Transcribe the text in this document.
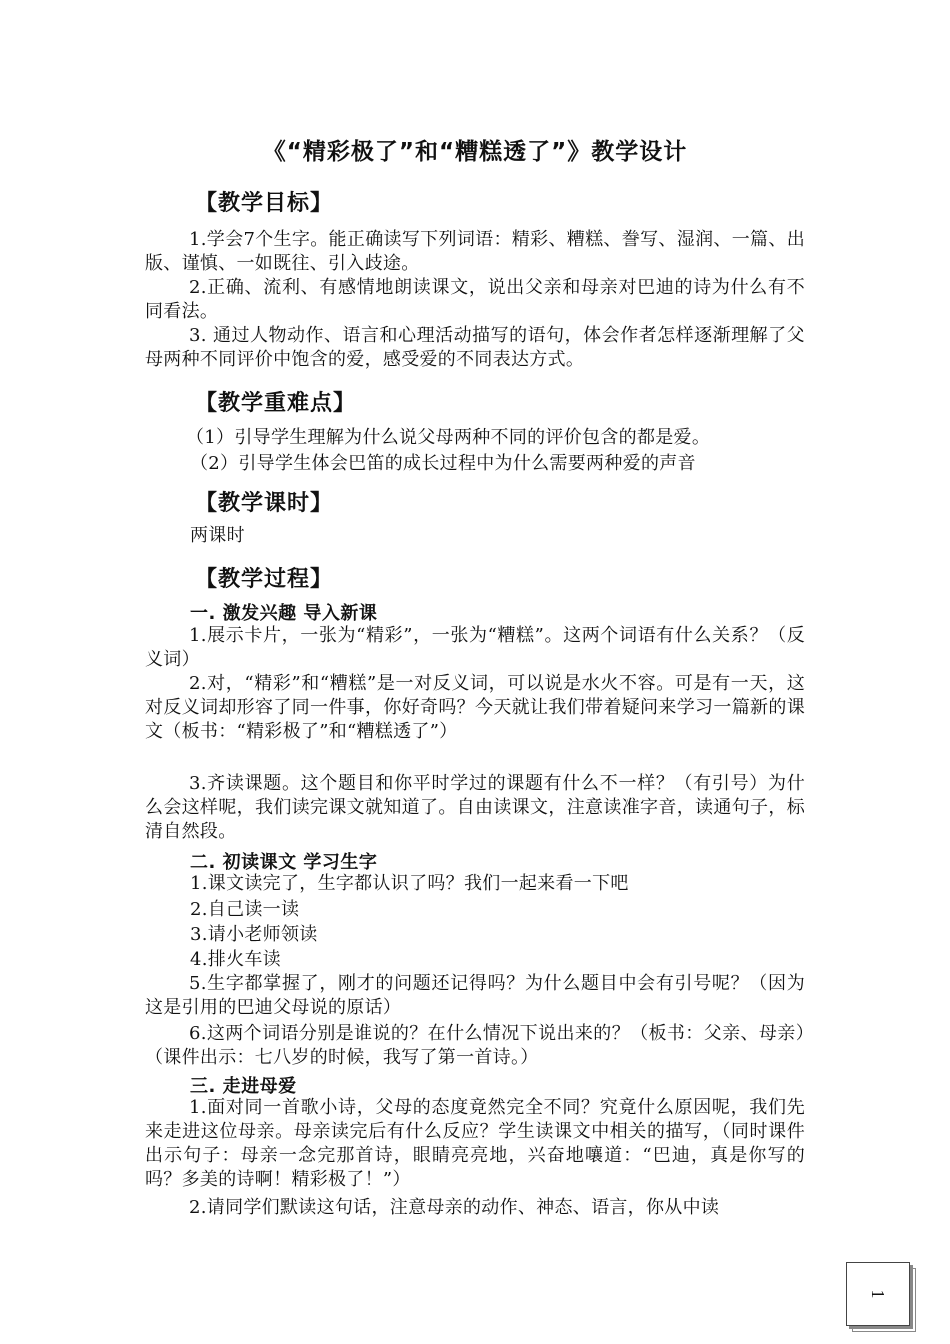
《“精彩极了”和“糟糕透了”》教学设计
【教学目标】
1.学会7个生字。能正确读写下列词语：精彩、糟糕、誊写、湿润、一篇、出版、谨慎、一如既往、引入歧途。
2.正确、流利、有感情地朗读课文，说出父亲和母亲对巴迪的诗为什么有不同看法。
3. 通过人物动作、语言和心理活动描写的语句，体会作者怎样逐渐理解了父母两种不同评价中饱含的爱，感受爱的不同表达方式。
【教学重难点】
（1）引导学生理解为什么说父母两种不同的评价包含的都是爱。
（2）引导学生体会巴笛的成长过程中为什么需要两种爱的声音
【教学课时】
两课时
【教学过程】
一. 激发兴趣 导入新课
1.展示卡片，一张为“精彩”，一张为“糟糕”。这两个词语有什么关系？（反义词）
2.对，“精彩”和“糟糕”是一对反义词，可以说是水火不容。可是有一天，这对反义词却形容了同一件事，你好奇吗？今天就让我们带着疑问来学习一篇新的课文（板书：“精彩极了”和“糟糕透了”）
3.齐读课题。这个题目和你平时学过的课题有什么不一样？（有引号）为什么会这样呢，我们读完课文就知道了。自由读课文，注意读准字音，读通句子，标清自然段。
二. 初读课文 学习生字
1.课文读完了，生字都认识了吗？我们一起来看一下吧
2.自己读一读
3.请小老师领读
4.排火车读
5.生字都掌握了，刚才的问题还记得吗？为什么题目中会有引号呢？（因为这是引用的巴迪父母说的原话）
6.这两个词语分别是谁说的？在什么情况下说出来的？（板书：父亲、母亲）（课件出示：七八岁的时候，我写了第一首诗。）
三. 走进母爱
1.面对同一首歌小诗，父母的态度竟然完全不同？究竟什么原因呢，我们先来走进这位母亲。母亲读完后有什么反应？学生读课文中相关的描写，（同时课件出示句子：母亲一念完那首诗，眼睛亮亮地，兴奋地嚷道：“巴迪，真是你写的吗？多美的诗啊！精彩极了！”）
2.请同学们默读这句话，注意母亲的动作、神态、语言，你从中读
1
